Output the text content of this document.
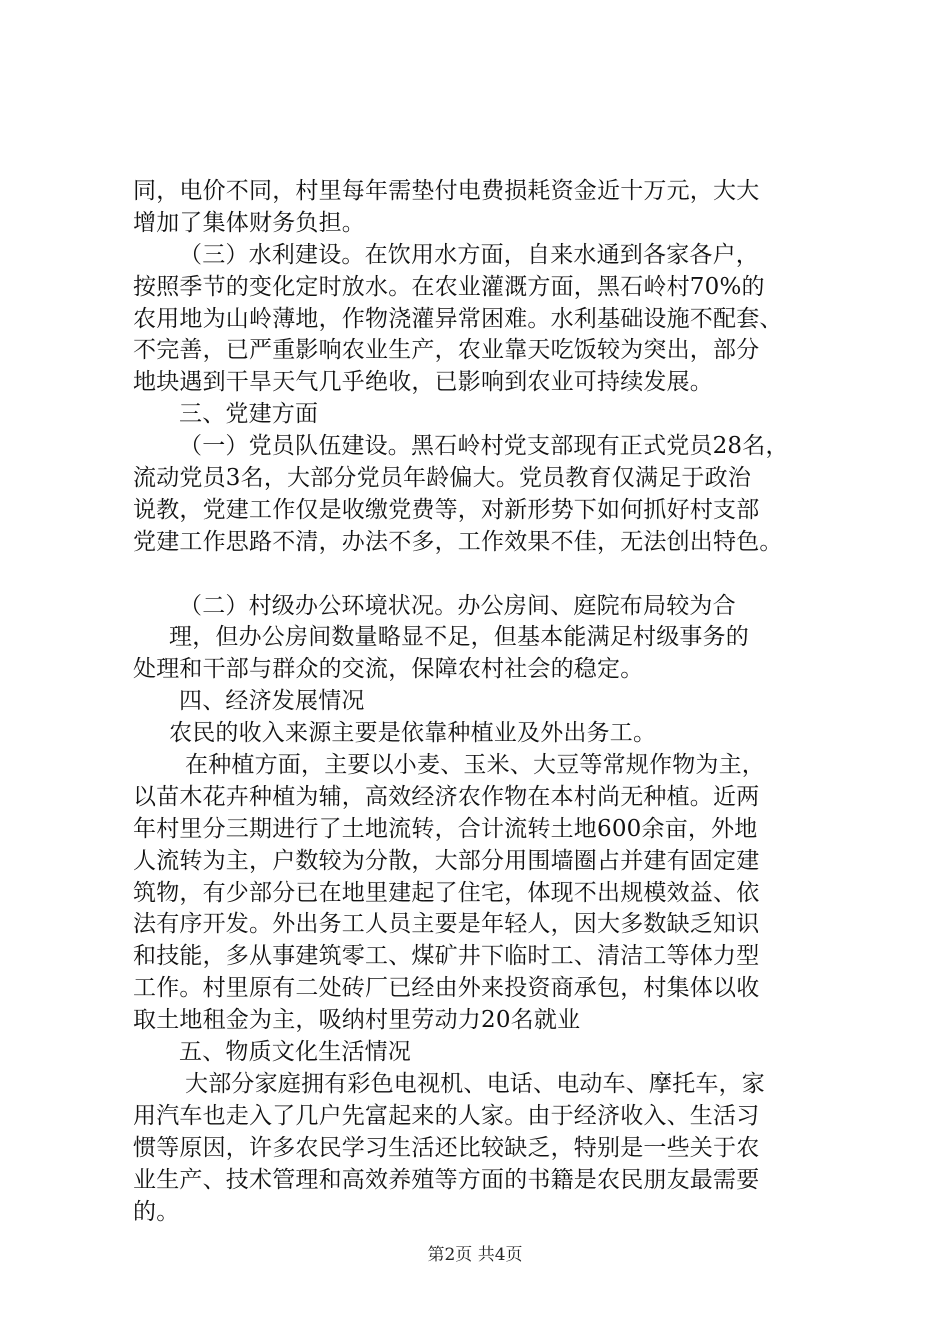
同，电价不同，村里每年需垫付电费损耗资金近十万元，大大
增加了集体财务负担。
（三）水利建设。在饮用水方面，自来水通到各家各户，
按照季节的变化定时放水。在农业灌溉方面，黑石岭村70%的
农用地为山岭薄地，作物浇灌异常困难。水利基础设施不配套、
不完善，已严重影响农业生产，农业靠天吃饭较为突出，部分
地块遇到干旱天气几乎绝收，已影响到农业可持续发展。
三、党建方面
（一）党员队伍建设。黑石岭村党支部现有正式党员28名，
流动党员3名，大部分党员年龄偏大。党员教育仅满足于政治
说教，党建工作仅是收缴党费等，对新形势下如何抓好村支部
党建工作思路不清，办法不多，工作效果不佳，无法创出特色。
（二）村级办公环境状况。办公房间、庭院布局较为合
理，但办公房间数量略显不足，但基本能满足村级事务的
处理和干部与群众的交流，保障农村社会的稳定。
四、经济发展情况
农民的收入来源主要是依靠种植业及外出务工。
在种植方面，主要以小麦、玉米、大豆等常规作物为主，
以苗木花卉种植为辅，高效经济农作物在本村尚无种植。近两
年村里分三期进行了土地流转，合计流转土地600余亩，外地
人流转为主，户数较为分散，大部分用围墙圈占并建有固定建
筑物，有少部分已在地里建起了住宅，体现不出规模效益、依
法有序开发。外出务工人员主要是年轻人，因大多数缺乏知识
和技能，多从事建筑零工、煤矿井下临时工、清洁工等体力型
工作。村里原有二处砖厂已经由外来投资商承包，村集体以收
取土地租金为主，吸纳村里劳动力20名就业
五、物质文化生活情况
大部分家庭拥有彩色电视机、电话、电动车、摩托车，家
用汽车也走入了几户先富起来的人家。由于经济收入、生活习
惯等原因，许多农民学习生活还比较缺乏，特别是一些关于农
业生产、技术管理和高效养殖等方面的书籍是农民朋友最需要
的。
第2页 共4页
